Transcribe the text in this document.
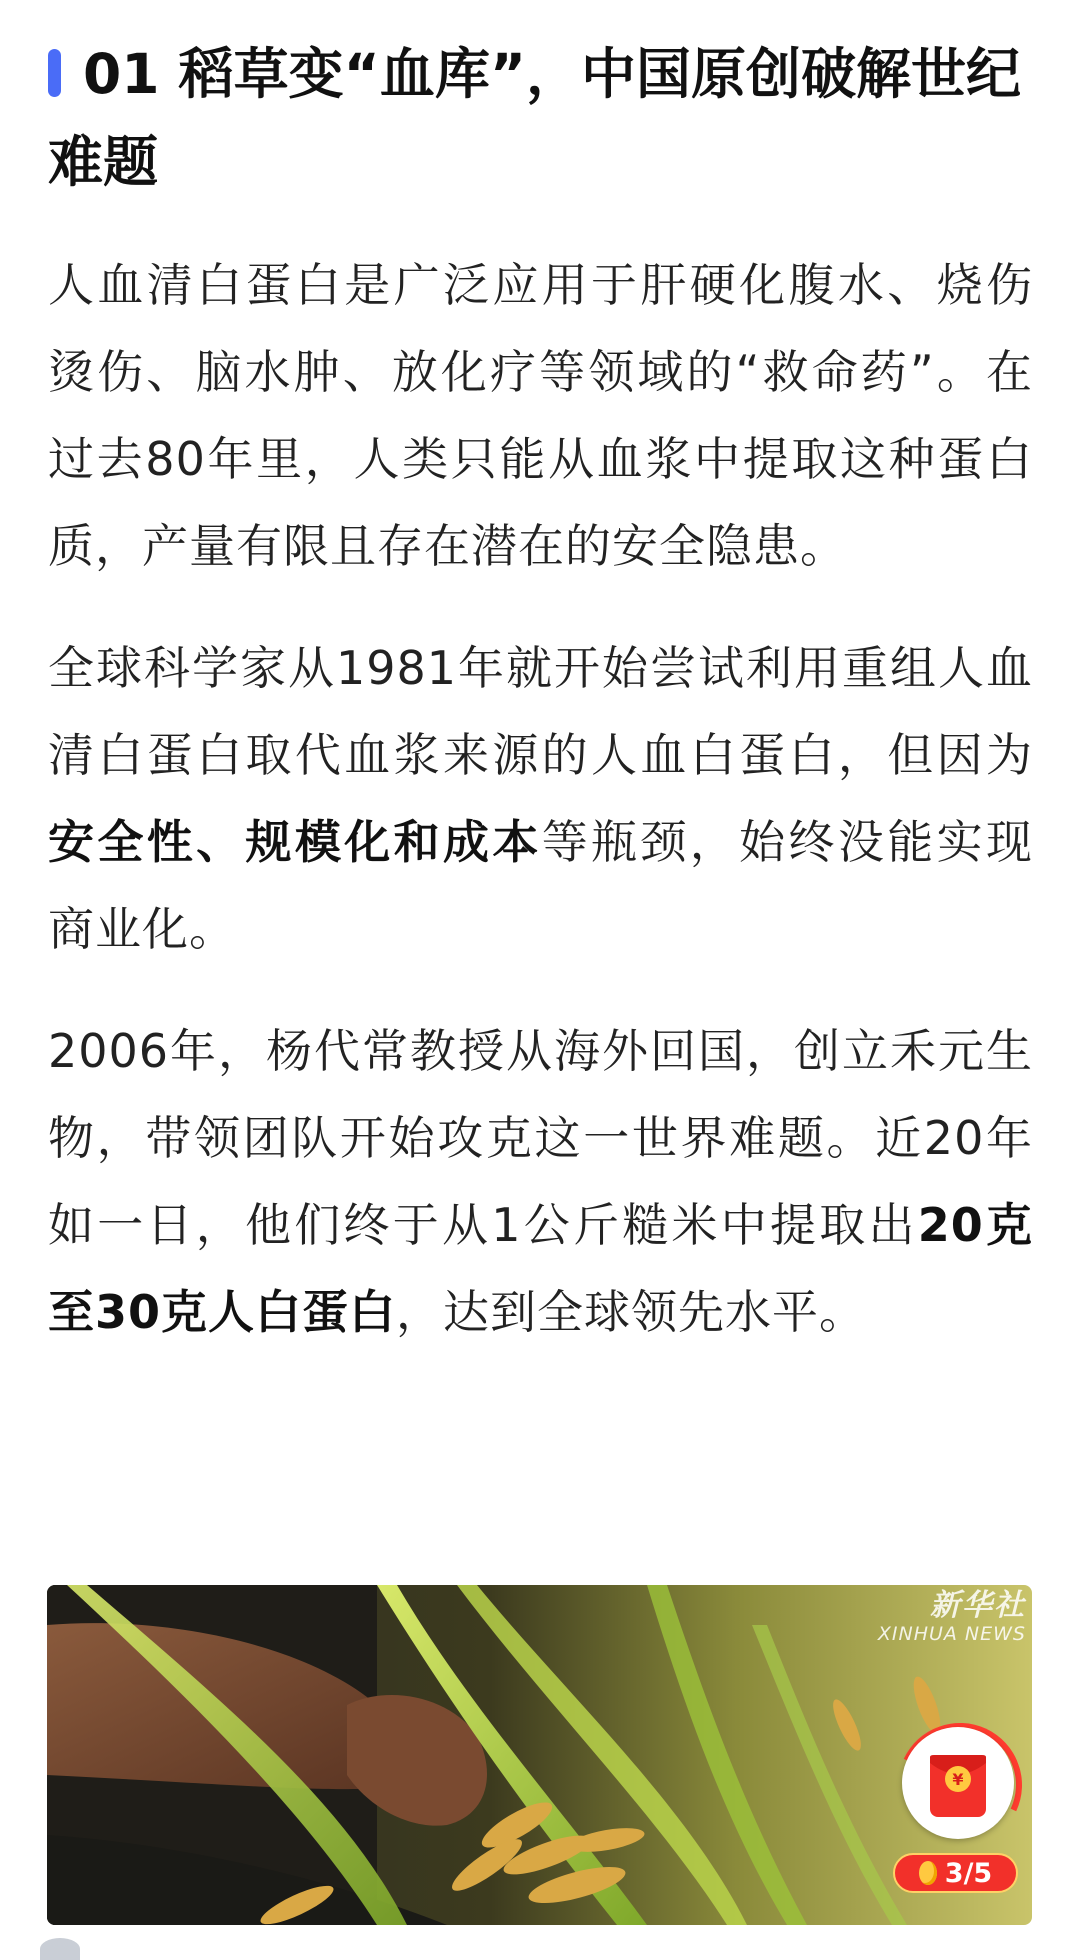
01 稻草变“血库”，中国原创破解世纪难题

人血清白蛋白是广泛应用于肝硬化腹水、烧伤烫伤、脑水肿、放化疗等领域的“救命药”。在过去80年里，人类只能从血浆中提取这种蛋白质，产量有限且存在潜在的安全隐患。

全球科学家从1981年就开始尝试利用重组人血清白蛋白取代血浆来源的人血白蛋白，但因为安全性、规模化和成本等瓶颈，始终没能实现商业化。

2006年，杨代常教授从海外回国，创立禾元生物，带领团队开始攻克这一世界难题。近20年如一日，他们终于从1公斤糙米中提取出20克至30克人白蛋白，达到全球领先水平。

新华社
XINHUA NEWS
¥
3/5
